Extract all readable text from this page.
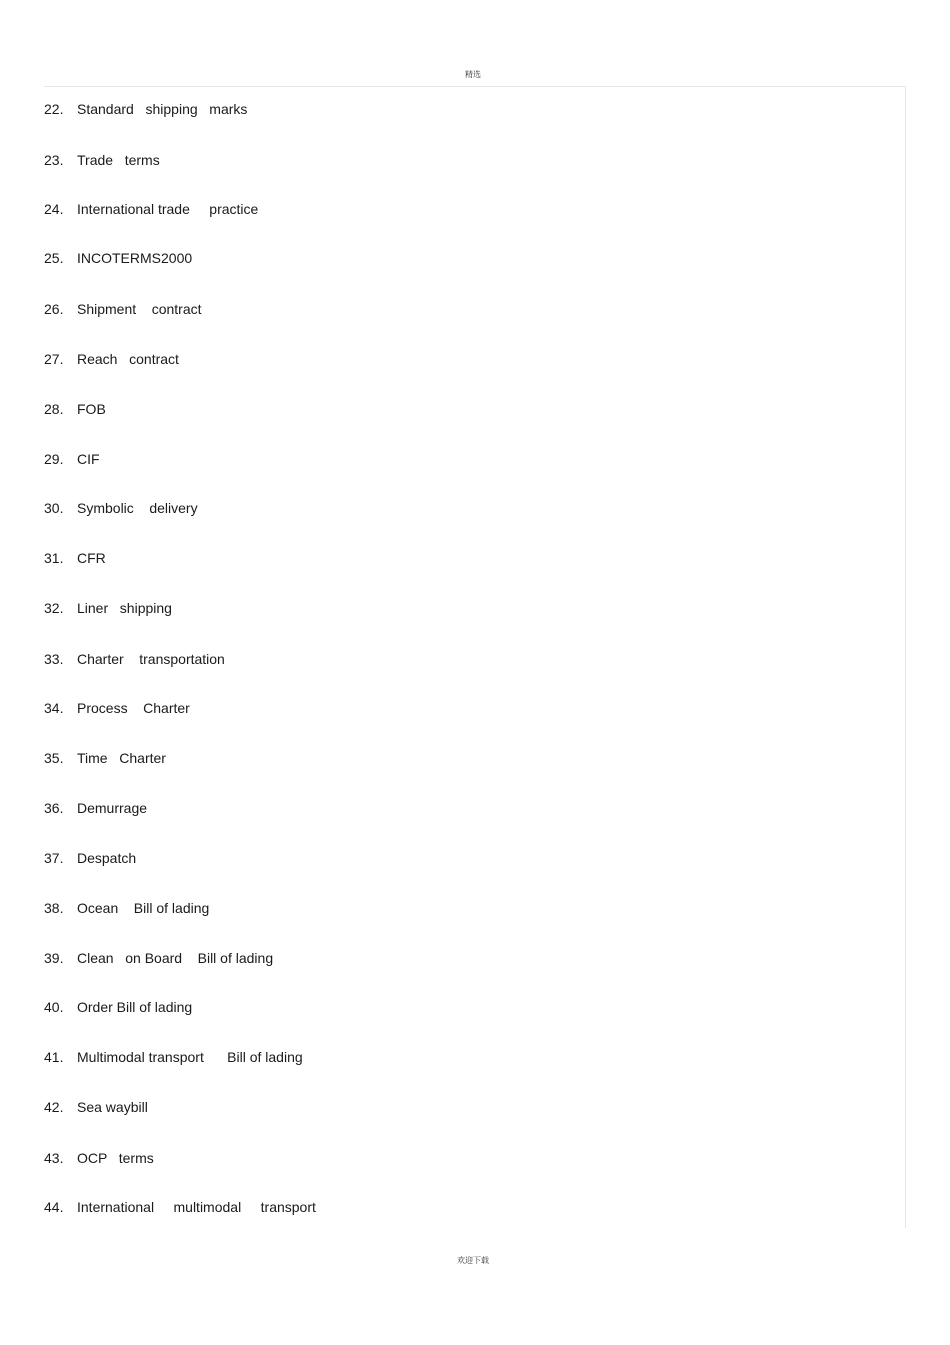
精选
22. Standard   shipping   marks
23. Trade   terms
24. International trade     practice
25. INCOTERMS2000
26. Shipment    contract
27. Reach   contract
28. FOB
29. CIF
30. Symbolic    delivery
31. CFR
32. Liner   shipping
33. Charter    transportation
34. Process    Charter
35. Time   Charter
36. Demurrage
37. Despatch
38. Ocean    Bill of lading
39. Clean   on Board    Bill of lading
40. Order Bill of lading
41. Multimodal transport      Bill of lading
42. Sea waybill
43. OCP   terms
44. International     multimodal     transport
欢迎下载
